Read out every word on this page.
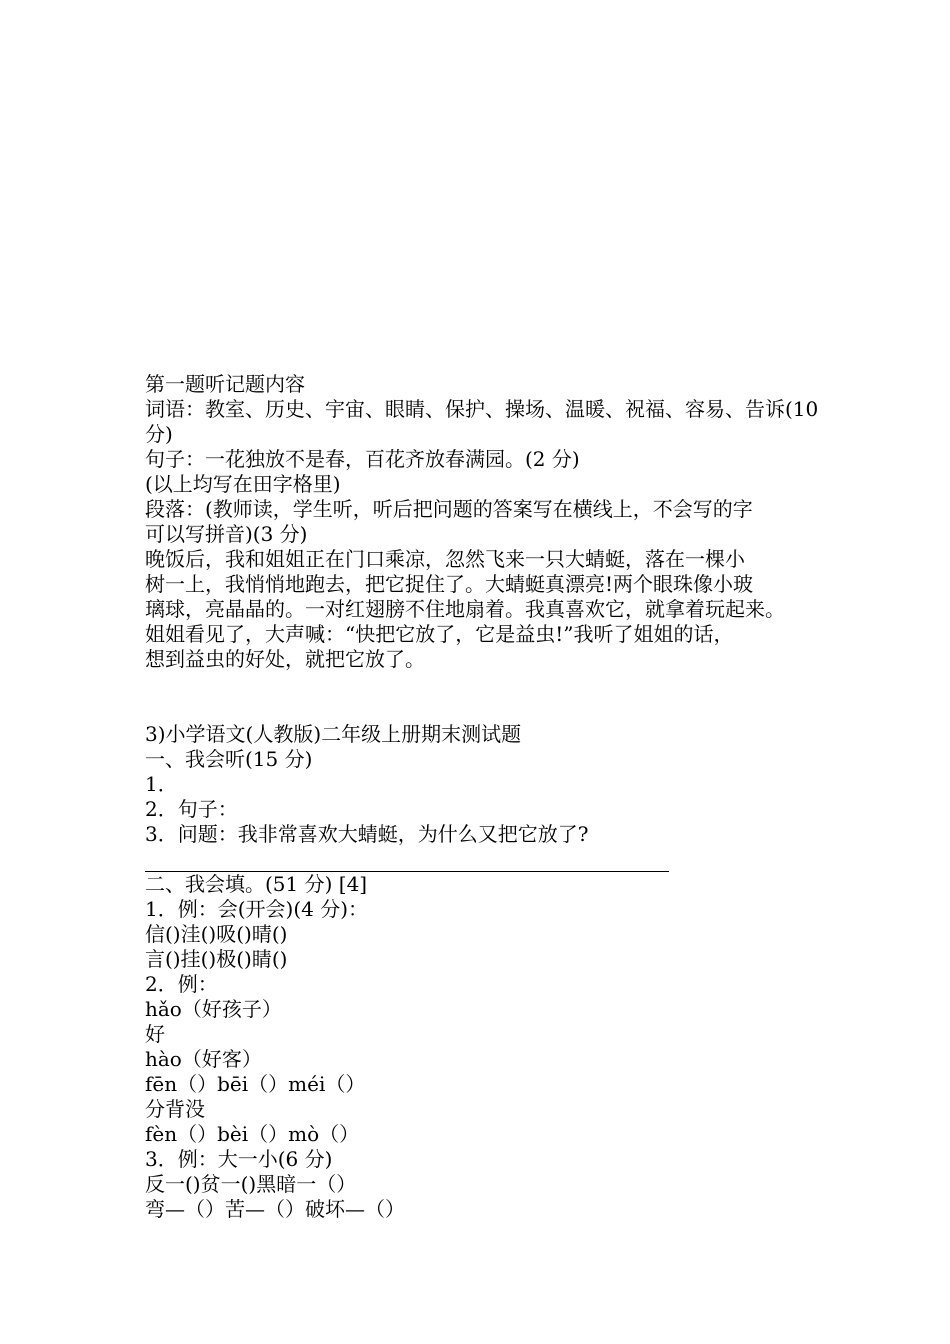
第一题听记题内容
词语：教室、历史、宇宙、眼睛、保护、操场、温暖、祝福、容易、告诉(10
分)
句子：一花独放不是春，百花齐放春满园。(2 分)
(以上均写在田字格里)
段落：(教师读，学生听，听后把问题的答案写在横线上，不会写的字
可以写拼音)(3 分)
晚饭后，我和姐姐正在门口乘凉，忽然飞来一只大蜻蜓，落在一棵小
树一上，我悄悄地跑去，把它捉住了。大蜻蜓真漂亮!两个眼珠像小玻
璃球，亮晶晶的。一对红翅膀不住地扇着。我真喜欢它，就拿着玩起来。
姐姐看见了，大声喊：“快把它放了，它是益虫!”我听了姐姐的话，
想到益虫的好处，就把它放了。
3)小学语文(人教版)二年级上册期末测试题
一、我会听(15 分)
1．
2．句子：
3．问题：我非常喜欢大蜻蜓，为什么又把它放了?
二、我会填。(51 分) [4]
1．例：会(开会)(4 分)：
信()洼()吸()晴()
言()挂()极()睛()
2．例：
hǎo（好孩子）
好
hào（好客）
fēn（）bēi（）méi（）
分背没
fèn（）bèi（）mò（）
3．例：大一小(6 分)
反一()贫一()黑暗一（）
弯—（）苦—（）破坏—（）
